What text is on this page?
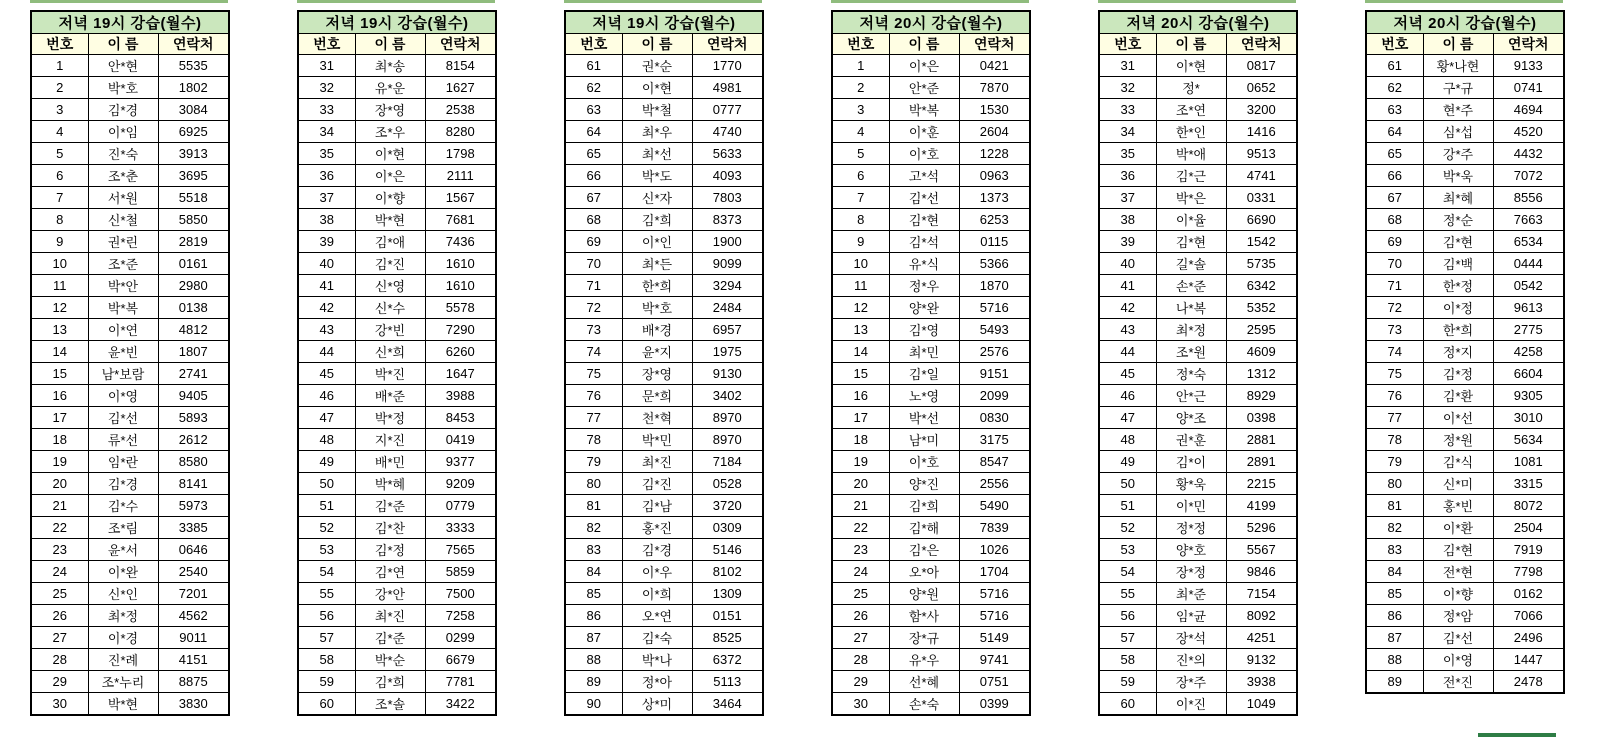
저녁 19시 강습(월수)		
번호	이 름	연락처
1	안*현	5535
2	박*호	1802
3	김*경	3084
4	이*임	6925
5	진*숙	3913
6	조*춘	3695
7	서*원	5518
8	신*철	5850
9	권*린	2819
10	조*준	0161
11	박*안	2980
12	박*복	0138
13	이*연	4812
14	윤*빈	1807
15	남*보람	2741
16	이*영	9405
17	김*선	5893
18	류*선	2612
19	임*란	8580
20	김*경	8141
21	김*수	5973
22	조*림	3385
23	윤*서	0646
24	이*완	2540
25	신*인	7201
26	최*정	4562
27	이*경	9011
28	진*례	4151
29	조*누리	8875
30	박*현	3830
저녁 19시 강습(월수)		
번호	이 름	연락처
31	최*송	8154
32	유*운	1627
33	장*영	2538
34	조*우	8280
35	이*현	1798
36	이*은	2111
37	이*향	1567
38	박*현	7681
39	김*애	7436
40	김*진	1610
41	신*영	1610
42	신*수	5578
43	강*빈	7290
44	신*희	6260
45	박*진	1647
46	배*준	3988
47	박*정	8453
48	지*진	0419
49	배*민	9377
50	박*혜	9209
51	김*준	0779
52	김*찬	3333
53	김*정	7565
54	김*연	5859
55	강*안	7500
56	최*진	7258
57	김*준	0299
58	박*순	6679
59	김*희	7781
60	조*솔	3422
저녁 19시 강습(월수)		
번호	이 름	연락처
61	권*순	1770
62	이*현	4981
63	박*철	0777
64	최*우	4740
65	최*선	5633
66	박*도	4093
67	신*자	7803
68	김*희	8373
69	이*인	1900
70	최*든	9099
71	한*희	3294
72	박*호	2484
73	배*경	6957
74	윤*지	1975
75	장*영	9130
76	문*희	3402
77	천*혁	8970
78	박*민	8970
79	최*진	7184
80	김*진	0528
81	김*남	3720
82	홍*진	0309
83	김*경	5146
84	이*우	8102
85	이*희	1309
86	오*연	0151
87	김*숙	8525
88	박*나	6372
89	정*아	5113
90	상*미	3464
저녁 20시 강습(월수)		
번호	이 름	연락처
1	이*은	0421
2	안*준	7870
3	박*복	1530
4	이*훈	2604
5	이*호	1228
6	고*석	0963
7	김*선	1373
8	김*현	6253
9	김*석	0115
10	유*식	5366
11	정*우	1870
12	양*완	5716
13	김*영	5493
14	최*민	2576
15	김*일	9151
16	노*영	2099
17	박*선	0830
18	남*미	3175
19	이*호	8547
20	양*진	2556
21	김*희	5490
22	김*해	7839
23	김*은	1026
24	오*아	1704
25	양*원	5716
26	함*사	5716
27	장*규	5149
28	유*우	9741
29	선*혜	0751
30	손*숙	0399
저녁 20시 강습(월수)		
번호	이 름	연락처
31	이*현	0817
32	정*	0652
33	조*연	3200
34	한*인	1416
35	박*애	9513
36	김*근	4741
37	박*은	0331
38	이*율	6690
39	김*현	1542
40	길*솔	5735
41	손*준	6342
42	나*복	5352
43	최*정	2595
44	조*원	4609
45	정*숙	1312
46	안*근	8929
47	양*조	0398
48	권*훈	2881
49	김*이	2891
50	황*욱	2215
51	이*민	4199
52	정*정	5296
53	양*호	5567
54	장*정	9846
55	최*준	7154
56	임*균	8092
57	장*석	4251
58	진*의	9132
59	장*주	3938
60	이*진	1049
저녁 20시 강습(월수)		
번호	이 름	연락처
61	황*나현	9133
62	구*규	0741
63	현*주	4694
64	심*섭	4520
65	강*주	4432
66	박*욱	7072
67	최*혜	8556
68	정*순	7663
69	김*현	6534
70	김*백	0444
71	한*정	0542
72	이*정	9613
73	한*희	2775
74	정*지	4258
75	김*정	6604
76	김*환	9305
77	이*선	3010
78	정*원	5634
79	김*식	1081
80	신*미	3315
81	홍*빈	8072
82	이*환	2504
83	김*현	7919
84	전*현	7798
85	이*향	0162
86	정*암	7066
87	김*선	2496
88	이*영	1447
89	전*진	2478
